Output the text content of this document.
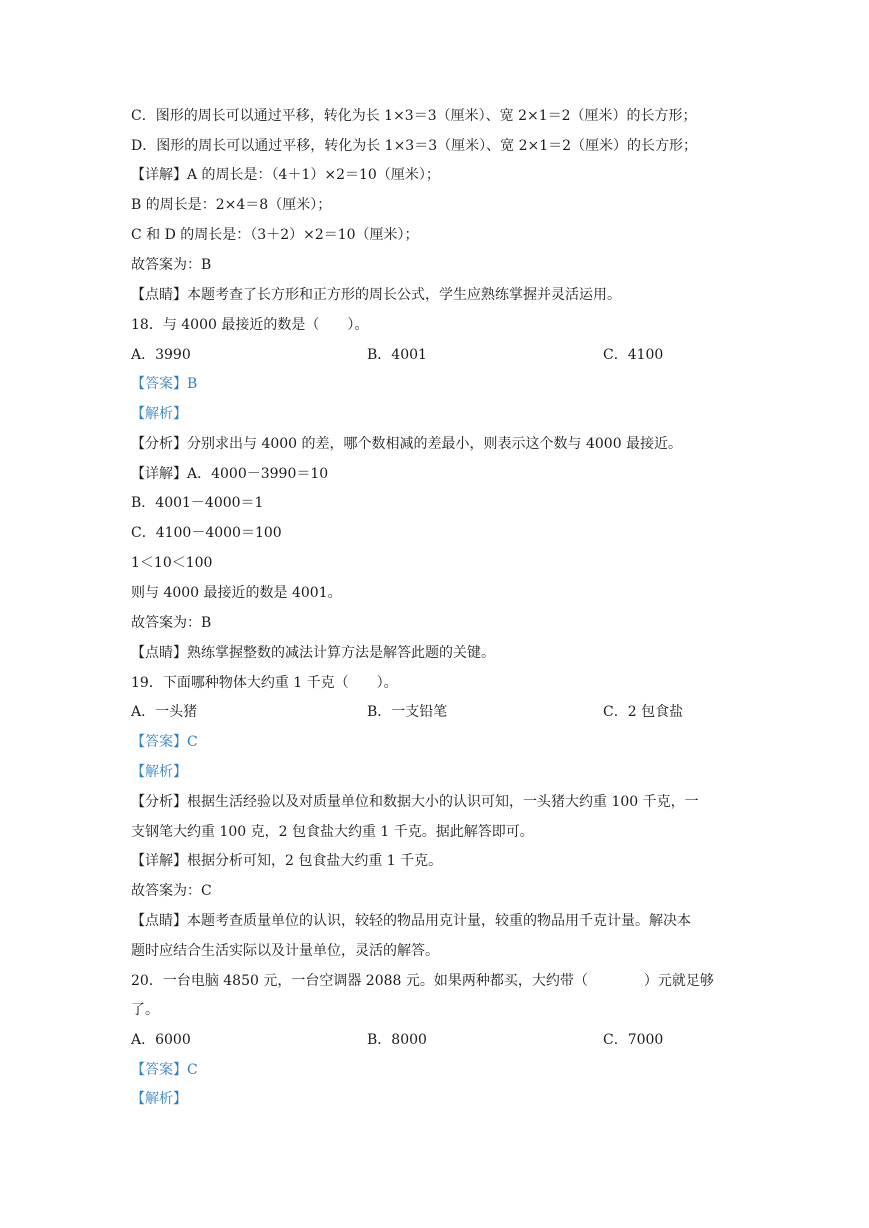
C．图形的周长可以通过平移，转化为长 1×3＝3（厘米）、宽 2×1＝2（厘米）的长方形；
D．图形的周长可以通过平移，转化为长 1×3＝3（厘米）、宽 2×1＝2（厘米）的长方形；
【详解】A 的周长是：（4＋1）×2＝10（厘米）；
B 的周长是：2×4＝8（厘米）；
C 和 D 的周长是：（3＋2）×2＝10（厘米）；
故答案为：B
【点睛】本题考查了长方形和正方形的周长公式，学生应熟练掌握并灵活运用。
18．与 4000 最接近的数是（　　）。
A．3990	B．4001	C．4100
【答案】B
【解析】
【分析】分别求出与 4000 的差，哪个数相减的差最小，则表示这个数与 4000 最接近。
【详解】A．4000－3990＝10
B．4001－4000＝1
C．4100－4000＝100
1＜10＜100
则与 4000 最接近的数是 4001。
故答案为：B
【点睛】熟练掌握整数的减法计算方法是解答此题的关键。
19．下面哪种物体大约重 1 千克（　　）。
A．一头猪	B．一支铅笔	C．2 包食盐
【答案】C
【解析】
【分析】根据生活经验以及对质量单位和数据大小的认识可知，一头猪大约重 100 千克，一
支钢笔大约重 100 克，2 包食盐大约重 1 千克。据此解答即可。
【详解】根据分析可知，2 包食盐大约重 1 千克。
故答案为：C
【点睛】本题考查质量单位的认识，较轻的物品用克计量，较重的物品用千克计量。解决本
题时应结合生活实际以及计量单位，灵活的解答。
20．一台电脑 4850 元，一台空调器 2088 元。如果两种都买，大约带（　　　　）元就足够
了。
A．6000	B．8000	C．7000
【答案】C
【解析】
